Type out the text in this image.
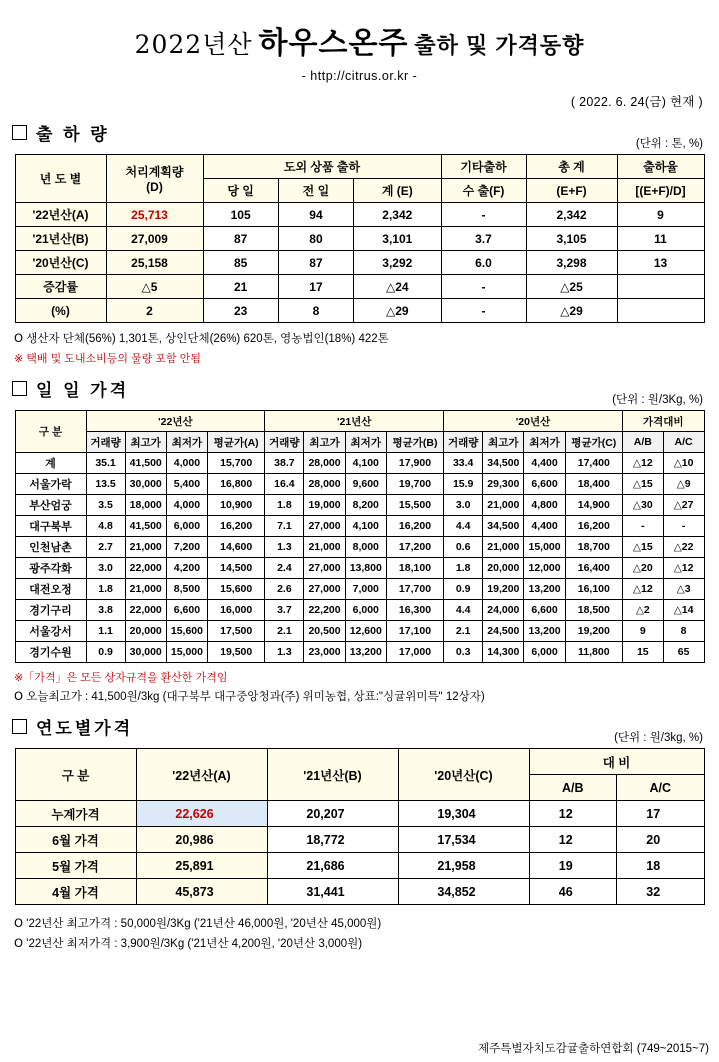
2022년산 하우스온주 출하 및 가격동향
- http://citrus.or.kr -
( 2022. 6. 24(금) 현재 )
출 하 량	(단위 : 톤, %)
년 도 별	처리계획량
(D)	도외 상품 출하			기타출하	총 계	출하율
		당 일	전 일	계 (E)	수 출(F)	(E+F)	[(E+F)/D]
'22년산(A)	25,713	105	94	2,342	-	2,342	9
'21년산(B)	27,009	87	80	3,101	3.7	3,105	11
'20년산(C)	25,158	85	87	3,292	6.0	3,298	13
증감률	△5	21	17	△24	-	△25	
(%)	2	23	8	△29	-	△29	
O 생산자 단체(56%) 1,301톤, 상인단체(26%) 620톤, 영농법인(18%) 422톤
※ 택배 및 도내소비등의 물량 포함 안됨
일 일 가격	(단위 : 원/3Kg, %)
구 분	'22년산				'21년산				'20년산				가격대비	
	거래량	최고가	최저가	평균가(A)	거래량	최고가	최저가	평균가(B)	거래량	최고가	최저가	평균가(C)	A/B	A/C
계	35.1	41,500	4,000	15,700	38.7	28,000	4,100	17,900	33.4	34,500	4,400	17,400	△12	△10
서울가락	13.5	30,000	5,400	16,800	16.4	28,000	9,600	19,700	15.9	29,300	6,600	18,400	△15	△9
부산엄궁	3.5	18,000	4,000	10,900	1.8	19,000	8,200	15,500	3.0	21,000	4,800	14,900	△30	△27
대구북부	4.8	41,500	6,000	16,200	7.1	27,000	4,100	16,200	4.4	34,500	4,400	16,200	-	-
인천남촌	2.7	21,000	7,200	14,600	1.3	21,000	8,000	17,200	0.6	21,000	15,000	18,700	△15	△22
광주각화	3.0	22,000	4,200	14,500	2.4	27,000	13,800	18,100	1.8	20,000	12,000	16,400	△20	△12
대전오정	1.8	21,000	8,500	15,600	2.6	27,000	7,000	17,700	0.9	19,200	13,200	16,100	△12	△3
경기구리	3.8	22,000	6,600	16,000	3.7	22,200	6,000	16,300	4.4	24,000	6,600	18,500	△2	△14
서울강서	1.1	20,000	15,600	17,500	2.1	20,500	12,600	17,100	2.1	24,500	13,200	19,200	9	8
경기수원	0.9	30,000	15,000	19,500	1.3	23,000	13,200	17,000	0.3	14,300	6,000	11,800	15	65
※「가격」은 모든 상자규격을 환산한 가격임
O 오늘최고가 : 41,500원/3kg (대구북부 대구중앙청과(주) 위미농협, 상표:"싱귤위미특" 12상자)
연도별가격	(단위 : 원/3kg, %)
구 분	'22년산(A)	'21년산(B)	'20년산(C)	대 비	
				A/B	A/C
누계가격	22,626	20,207	19,304	12	17
6월 가격	20,986	18,772	17,534	12	20
5월 가격	25,891	21,686	21,958	19	18
4월 가격	45,873	31,441	34,852	46	32
O '22년산 최고가격 : 50,000원/3Kg ('21년산 46,000원, '20년산 45,000원)
O '22년산 최저가격 : 3,900원/3Kg ('21년산 4,200원, '20년산 3,000원)
제주특별자치도감귤출하연합회 (749~2015~7)
